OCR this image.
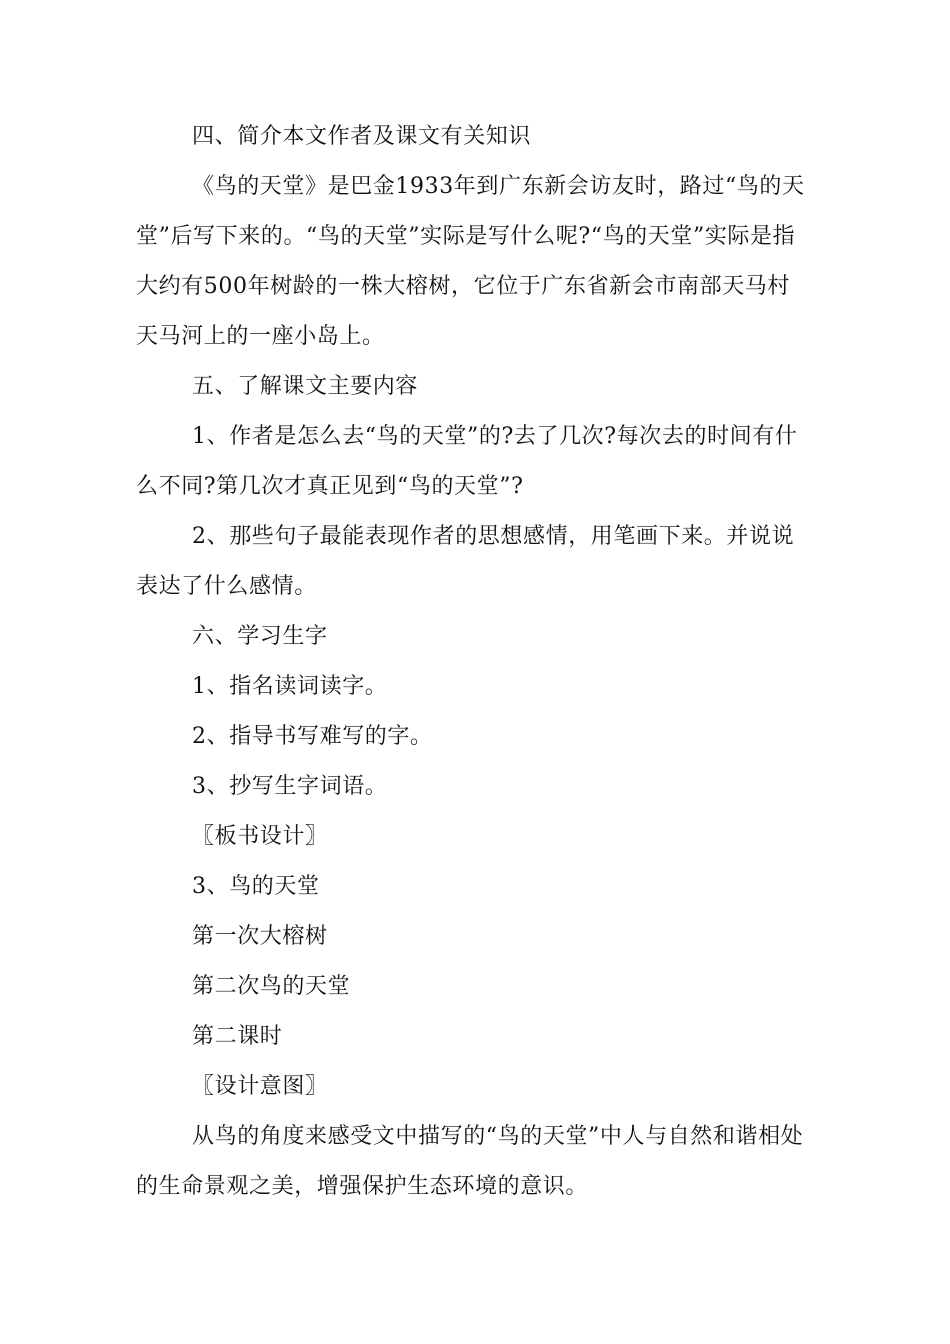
四、简介本文作者及课文有关知识

《鸟的天堂》是巴金1933年到广东新会访友时，路过“鸟的天堂”后写下来的。“鸟的天堂”实际是写什么呢?“鸟的天堂”实际是指大约有500年树龄的一株大榕树，它位于广东省新会市南部天马村天马河上的一座小岛上。

五、了解课文主要内容

1、作者是怎么去“鸟的天堂”的?去了几次?每次去的时间有什么不同?第几次才真正见到“鸟的天堂”?

2、那些句子最能表现作者的思想感情，用笔画下来。并说说表达了什么感情。

六、学习生字

1、指名读词读字。

2、指导书写难写的字。

3、抄写生字词语。

〖板书设计〗

3、鸟的天堂

第一次大榕树

第二次鸟的天堂

第二课时

〖设计意图〗

从鸟的角度来感受文中描写的“鸟的天堂”中人与自然和谐相处的生命景观之美，增强保护生态环境的意识。
